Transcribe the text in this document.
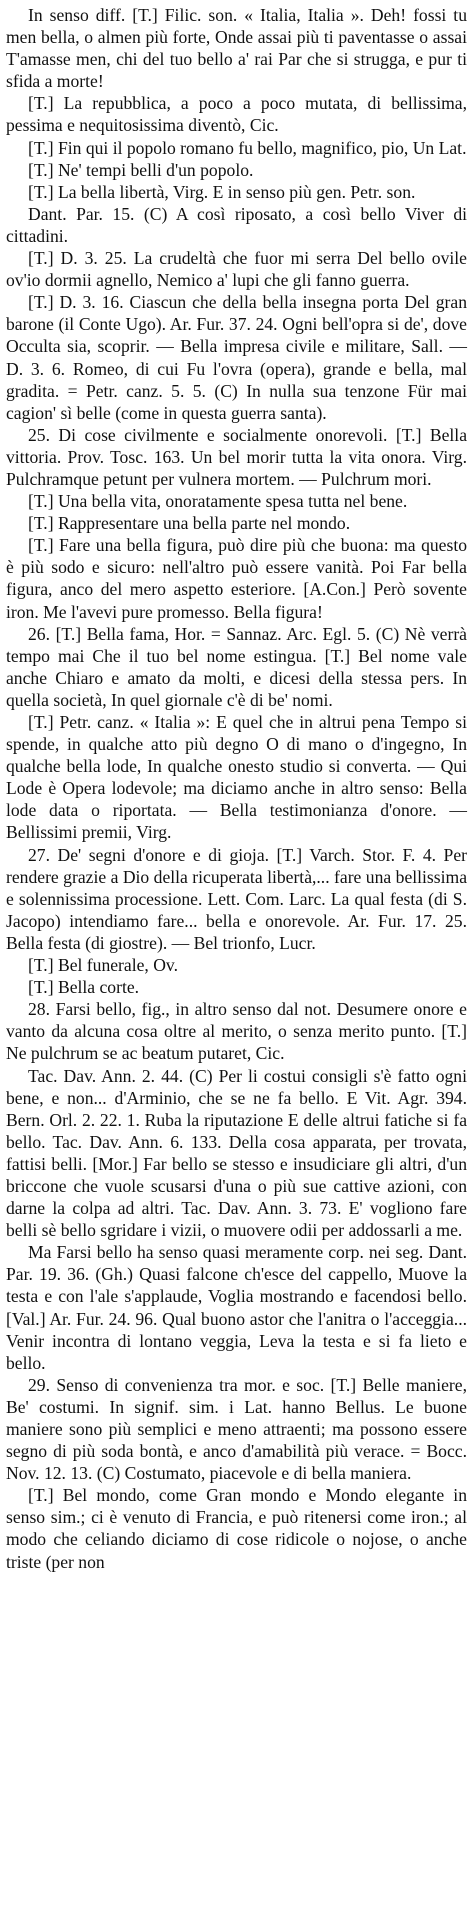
In senso diff. [T.] Filic. son. « Italia, Italia ». Deh! fossi tu men bella, o almen più forte, Onde assai più ti paventasse o assai T'amasse men, chi del tuo bello a' rai Par che si strugga, e pur ti sfida a morte!

[T.] La repubblica, a poco a poco mutata, di bellissima, pessima e nequitosissima diventò, Cic.

[T.] Fin qui il popolo romano fu bello, magnifico, pio, Un Lat.

[T.] Ne' tempi belli d'un popolo.

[T.] La bella libertà, Virg. E in senso più gen. Petr. son.

Dant. Par. 15. (C) A così riposato, a così bello Viver di cittadini.

[T.] D. 3. 25. La crudeltà che fuor mi serra Del bello ovile ov'io dormii agnello, Nemico a' lupi che gli fanno guerra.

[T.] D. 3. 16. Ciascun che della bella insegna porta Del gran barone (il Conte Ugo). Ar. Fur. 37. 24. Ogni bell'opra si de', dove Occulta sia, scoprir. — Bella impresa civile e militare, Sall. — D. 3. 6. Romeo, di cui Fu l'ovra (opera), grande e bella, mal gradita. = Petr. canz. 5. 5. (C) In nulla sua tenzone Für mai cagion' sì belle (come in questa guerra santa).

25. Di cose civilmente e socialmente onorevoli. [T.] Bella vittoria. Prov. Tosc. 163. Un bel morir tutta la vita onora. Virg. Pulchramque petunt per vulnera mortem. — Pulchrum mori.

[T.] Una bella vita, onoratamente spesa tutta nel bene.

[T.] Rappresentare una bella parte nel mondo.

[T.] Fare una bella figura, può dire più che buona: ma questo è più sodo e sicuro: nell'altro può essere vanità. Poi Far bella figura, anco del mero aspetto esteriore. [A.Con.] Però sovente iron. Me l'avevi pure promesso. Bella figura!

26. [T.] Bella fama, Hor. = Sannaz. Arc. Egl. 5. (C) Nè verrà tempo mai Che il tuo bel nome estingua. [T.] Bel nome vale anche Chiaro e amato da molti, e dicesi della stessa pers. In quella società, In quel giornale c'è di be' nomi.

[T.] Petr. canz. « Italia »: E quel che in altrui pena Tempo si spende, in qualche atto più degno O di mano o d'ingegno, In qualche bella lode, In qualche onesto studio si converta. — Qui Lode è Opera lodevole; ma diciamo anche in altro senso: Bella lode data o riportata. — Bella testimonianza d'onore. — Bellissimi premii, Virg.

27. De' segni d'onore e di gioja. [T.] Varch. Stor. F. 4. Per rendere grazie a Dio della ricuperata libertà,... fare una bellissima e solennissima processione. Lett. Com. Larc. La qual festa (di S. Jacopo) intendiamo fare... bella e onorevole. Ar. Fur. 17. 25. Bella festa (di giostre). — Bel trionfo, Lucr.

[T.] Bel funerale, Ov.

[T.] Bella corte.

28. Farsi bello, fig., in altro senso dal not. Desumere onore e vanto da alcuna cosa oltre al merito, o senza merito punto. [T.] Ne pulchrum se ac beatum putaret, Cic.

Tac. Dav. Ann. 2. 44. (C) Per li costui consigli s'è fatto ogni bene, e non... d'Arminio, che se ne fa bello. E Vit. Agr. 394. Bern. Orl. 2. 22. 1. Ruba la riputazione E delle altrui fatiche si fa bello. Tac. Dav. Ann. 6. 133. Della cosa apparata, per trovata, fattisi belli. [Mor.] Far bello se stesso e insudiciare gli altri, d'un briccone che vuole scusarsi d'una o più sue cattive azioni, con darne la colpa ad altri. Tac. Dav. Ann. 3. 73. E' vogliono fare belli sè bello sgridare i vizii, o muovere odii per addossarli a me.

Ma Farsi bello ha senso quasi meramente corp. nei seg. Dant. Par. 19. 36. (Gh.) Quasi falcone ch'esce del cappello, Muove la testa e con l'ale s'applaude, Voglia mostrando e facendosi bello. [Val.] Ar. Fur. 24. 96. Qual buono astor che l'anitra o l'acceggia... Venir incontra di lontano veggia, Leva la testa e si fa lieto e bello.

29. Senso di convenienza tra mor. e soc. [T.] Belle maniere, Be' costumi. In signif. sim. i Lat. hanno Bellus. Le buone maniere sono più semplici e meno attraenti; ma possono essere segno di più soda bontà, e anco d'amabilità più verace. = Bocc. Nov. 12. 13. (C) Costumato, piacevole e di bella maniera.

[T.] Bel mondo, come Gran mondo e Mondo elegante in senso sim.; ci è venuto di Francia, e può ritenersi come iron.; al modo che celiando diciamo di cose ridicole o nojose, o anche triste (per non
